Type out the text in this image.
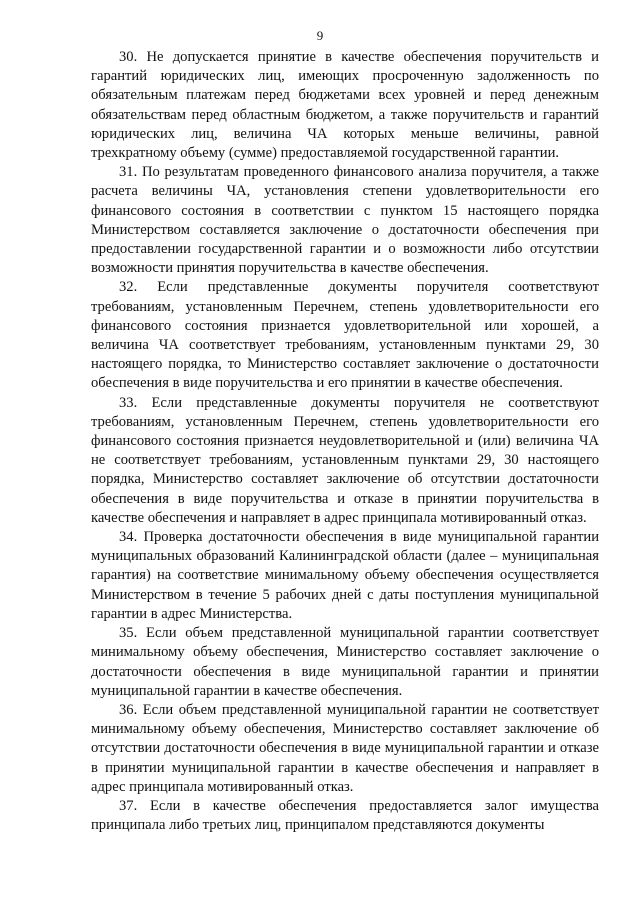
9

30. Не допускается принятие в качестве обеспечения поручительств и гарантий юридических лиц, имеющих просроченную задолженность по обязательным платежам перед бюджетами всех уровней и перед денежным обязательствам перед областным бюджетом, а также поручительств и гарантий юридических лиц, величина ЧА которых меньше величины, равной трехкратному объему (сумме) предоставляемой государственной гарантии.

31. По результатам проведенного финансового анализа поручителя, а также расчета величины ЧА, установления степени удовлетворительности его финансового состояния в соответствии с пунктом 15 настоящего порядка Министерством составляется заключение о достаточности обеспечения при предоставлении государственной гарантии и о возможности либо отсутствии возможности принятия поручительства в качестве обеспечения.

32. Если представленные документы поручителя соответствуют требованиям, установленным Перечнем, степень удовлетворительности его финансового состояния признается удовлетворительной или хорошей, а величина ЧА соответствует требованиям, установленным пунктами 29, 30 настоящего порядка, то Министерство составляет заключение о достаточности обеспечения в виде поручительства и его принятии в качестве обеспечения.

33. Если представленные документы поручителя не соответствуют требованиям, установленным Перечнем, степень удовлетворительности его финансового состояния признается неудовлетворительной и (или) величина ЧА не соответствует требованиям, установленным пунктами 29, 30 настоящего порядка, Министерство составляет заключение об отсутствии достаточности обеспечения в виде поручительства и отказе в принятии поручительства в качестве обеспечения и направляет в адрес принципала мотивированный отказ.

34. Проверка достаточности обеспечения в виде муниципальной гарантии муниципальных образований Калининградской области (далее – муниципальная гарантия) на соответствие минимальному объему обеспечения осуществляется Министерством в течение 5 рабочих дней с даты поступления муниципальной гарантии в адрес Министерства.

35. Если объем представленной муниципальной гарантии соответствует минимальному объему обеспечения, Министерство составляет заключение о достаточности обеспечения в виде муниципальной гарантии и принятии муниципальной гарантии в качестве обеспечения.

36. Если объем представленной муниципальной гарантии не соответствует минимальному объему обеспечения, Министерство составляет заключение об отсутствии достаточности обеспечения в виде муниципальной гарантии и отказе в принятии муниципальной гарантии в качестве обеспечения и направляет в адрес принципала мотивированный отказ.

37. Если в качестве обеспечения предоставляется залог имущества принципала либо третьих лиц, принципалом представляются документы
